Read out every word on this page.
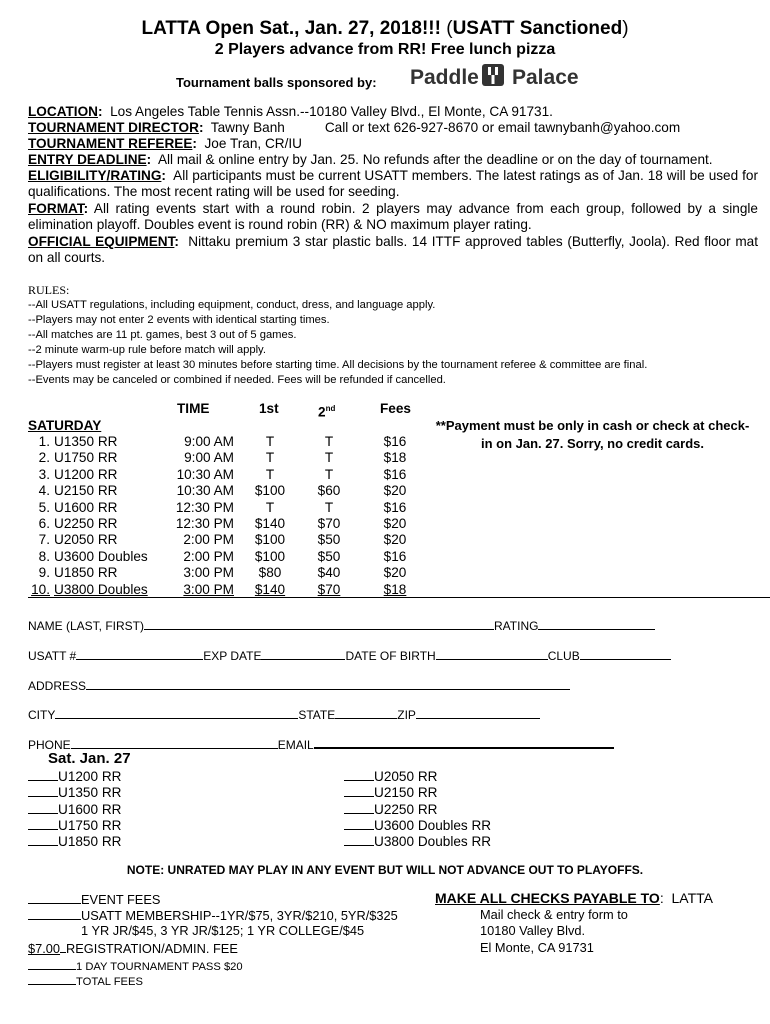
LATTA Open Sat., Jan. 27, 2018!!! (USATT Sanctioned)
2 Players advance from RR! Free lunch pizza
Tournament balls sponsored by: Paddle Palace
LOCATION: Los Angeles Table Tennis Assn.--10180 Valley Blvd., El Monte, CA 91731.
TOURNAMENT DIRECTOR: Tawny Banh	Call or text 626-927-8670 or email tawnybanh@yahoo.com
TOURNAMENT REFEREE: Joe Tran, CR/IU
ENTRY DEADLINE: All mail & online entry by Jan. 25. No refunds after the deadline or on the day of tournament.
ELIGIBILITY/RATING: All participants must be current USATT members. The latest ratings as of Jan. 18 will be used for qualifications. The most recent rating will be used for seeding.
FORMAT: All rating events start with a round robin. 2 players may advance from each group, followed by a single elimination playoff. Doubles event is round robin (RR) & NO maximum player rating.
OFFICIAL EQUIPMENT: Nittaku premium 3 star plastic balls. 14 ITTF approved tables (Butterfly, Joola). Red floor mat on all courts.
RULES:
--All USATT regulations, including equipment, conduct, dress, and language apply.
--Players may not enter 2 events with identical starting times.
--All matches are 11 pt. games, best 3 out of 5 games.
--2 minute warm-up rule before match will apply.
--Players must register at least 30 minutes before starting time. All decisions by the tournament referee & committee are final.
--Events may be canceled or combined if needed. Fees will be refunded if cancelled.
TIME	1st	2nd	Fees
SATURDAY	**Payment must be only in cash or check at check-in on Jan. 27. Sorry, no credit cards.
1. U1350 RR	9:00 AM	T	T	$16
2. U1750 RR	9:00 AM	T	T	$18
3. U1200 RR	10:30 AM	T	T	$16
4. U2150 RR	10:30 AM	$100	$60	$20
5. U1600 RR	12:30 PM	T	T	$16
6. U2250 RR	12:30 PM	$140	$70	$20
7. U2050 RR	2:00 PM	$100	$50	$20
8. U3600 Doubles	2:00 PM	$100	$50	$16
9. U1850 RR	3:00 PM	$80	$40	$20
10. U3800 Doubles	3:00 PM	$140	$70	$18
NAME (LAST, FIRST)	RATING
USATT #	EXP DATE	DATE OF BIRTH	CLUB
ADDRESS
CITY	STATE	ZIP
PHONE	EMAIL
Sat. Jan. 27
U1200 RR
U1350 RR
U1600 RR
U1750 RR
U1850 RR
U2050 RR
U2150 RR
U2250 RR
U3600 Doubles RR
U3800 Doubles RR
NOTE: UNRATED MAY PLAY IN ANY EVENT BUT WILL NOT ADVANCE OUT TO PLAYOFFS.
EVENT FEES
USATT MEMBERSHIP--1YR/$75, 3YR/$210, 5YR/$325
1 YR JR/$45, 3 YR JR/$125; 1 YR COLLEGE/$45
$7.00 REGISTRATION/ADMIN. FEE
1 DAY TOURNAMENT PASS $20
TOTAL FEES
MAKE ALL CHECKS PAYABLE TO:  LATTA
Mail check & entry form to
10180 Valley Blvd.
El Monte, CA 91731
